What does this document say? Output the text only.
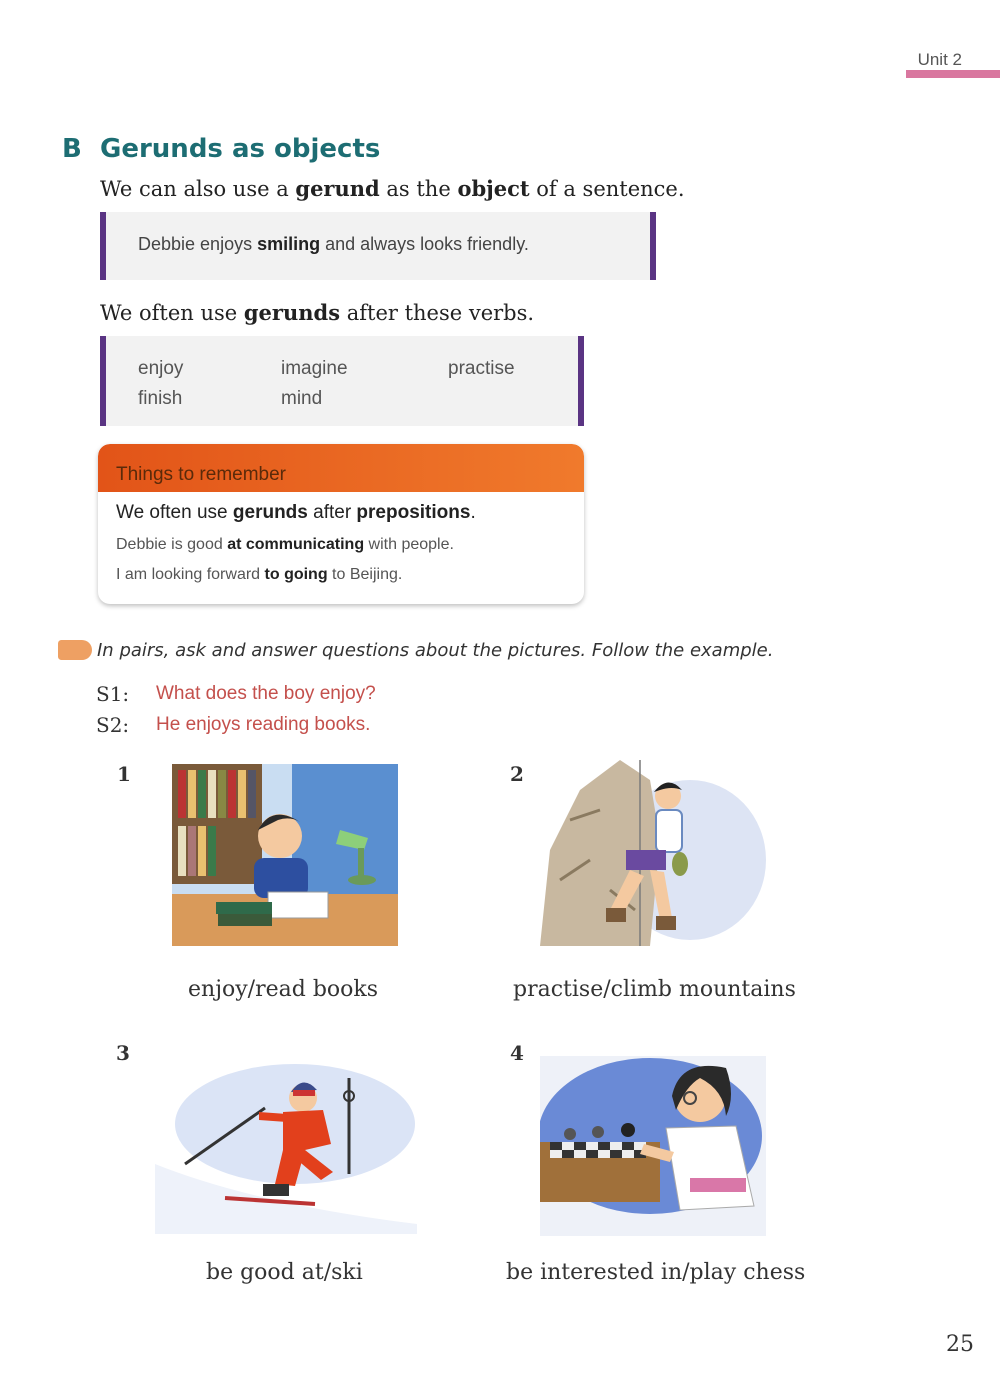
Unit 2
B Gerunds as objects
We can also use a gerund as the object of a sentence.
Debbie enjoys smiling and always looks friendly.
We often use gerunds after these verbs.
enjoy	imagine	practise
finish	mind
Things to remember
We often use gerunds after prepositions.
Debbie is good at communicating with people.
I am looking forward to going to Beijing.
In pairs, ask and answer questions about the pictures. Follow the example.
S1: What does the boy enjoy?
S2: He enjoys reading books.
1
enjoy/read books
2
practise/climb mountains
3
be good at/ski
4
be interested in/play chess
25
